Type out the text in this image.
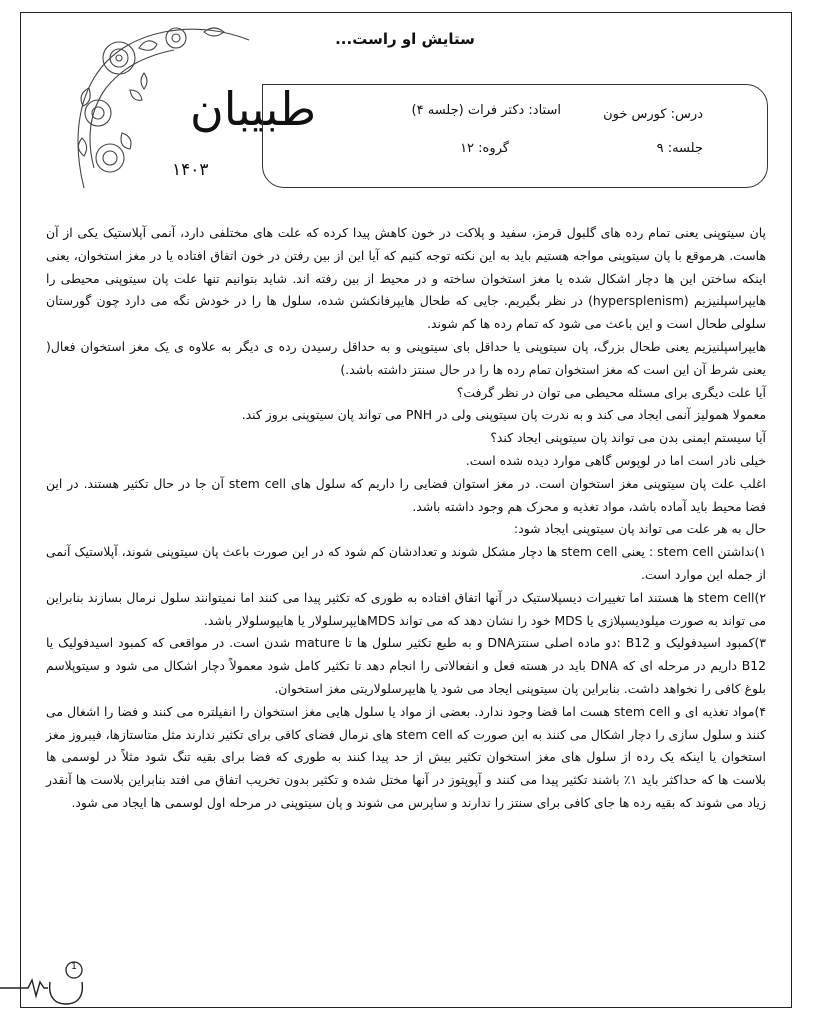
طبیبان
۱۴۰۳
ستایش او راست...
درس: کورس خون
استاد: دکتر فرات (جلسه ۴)
جلسه: ۹
گروه: ۱۲

پان سیتوپنی یعنی تمام رده های گلبول قرمز، سفید و پلاکت در خون کاهش پیدا کرده که علت های مختلفی دارد، آنمی آپلاستیک یکی از آن هاست. هرموقع با پان سیتوپنی مواجه هستیم باید به این نکته توجه کنیم که آیا این از بین رفتن در خون اتفاق افتاده یا در مغز استخوان، یعنی اینکه ساختن این ها دچار اشکال شده یا مغز استخوان ساخته و در محیط از بین رفته اند. شاید بتوانیم تنها علت پان سیتوپنی محیطی را هایپراسپلنیزیم (hypersplenism) در نظر بگیریم. جایی که طحال هایپرفانکشن شده، سلول ها را در خودش نگه می دارد چون گورستان سلولی طحال است و این باعث می شود که تمام رده ها کم شوند.

هایپراسپلنیزیم یعنی طحال بزرگ، پان سیتوپنی یا حداقل بای سیتوپنی و به حداقل رسیدن رده ی دیگر به علاوه ی یک مغز استخوان فعال( یعنی شرط آن این است که مغز استخوان تمام رده ها را در حال سنتز داشته باشد.)

آیا علت دیگری برای مسئله محیطی می توان در نظر گرفت؟

معمولا همولیز آنمی ایجاد می کند و به ندرت پان سیتوپنی ولی در PNH می تواند پان سیتوپنی بروز کند.

آیا سیستم ایمنی بدن می تواند پان سیتوپنی ایجاد کند؟

خیلی نادر است اما در لوپوس گاهی موارد دیده شده است.

اغلب علت پان سیتوپنی مغز استخوان است. در مغز استوان فضایی را داریم که سلول های stem cell آن جا در حال تکثیر هستند. در این فضا محیط باید آماده باشد، مواد تغذیه و محرک هم وجود داشته باشد.

حال به هر علت می تواند پان سیتوپنی ایجاد شود:

۱)نداشتن stem cell : یعنی stem cell ها دچار مشکل شوند و تعدادشان کم شود که در این صورت باعث پان سیتوپنی شوند، آپلاستیک آنمی از جمله این موارد است.

۲)stem cell ها هستند اما تغییرات دیسپلاستیک در آنها اتفاق افتاده به طوری که تکثیر پیدا می کنند اما نمیتوانند سلول نرمال بسازند بنابراین می تواند به صورت میلودیسپلازی یا MDS خود را نشان دهد که می تواند MDSهایپرسلولار یا هایپوسلولار باشد.

۳)کمبود اسیدفولیک و B12 :دو ماده اصلی سنتزDNA و به طبع تکثیر سلول ها تا mature شدن است. در مواقعی که کمبود اسیدفولیک یا B12 داریم در مرحله ای که DNA باید در هسته فعل و انفعالاتی را انجام دهد تا تکثیر کامل شود معمولاً دچار اشکال می شود و سیتوپلاسم بلوغ کافی را نخواهد داشت. بنابراین پان سیتوپنی ایجاد می شود یا هایپرسلولاریتی مغز استخوان.

۴)مواد تغذیه ای و stem cell هست اما فضا وجود ندارد. بعضی از مواد یا سلول هایی مغز استخوان را انفیلتره می کنند و فضا را اشغال می کنند و سلول سازی را دچار اشکال می کنند به این صورت که stem cell های نرمال فضای کافی برای تکثیر ندارند مثل متاستازها، فیبروز مغز استخوان یا اینکه یک رده از سلول های مغز استخوان تکثیر بیش از حد پیدا کنند به طوری که فضا برای بقیه تنگ شود مثلاً در لوسمی ها بلاست ها که حداکثر باید ۱٪ باشند تکثیر پیدا می کنند و آپوپتوز در آنها مختل شده و تکثیر بدون تخریب اتفاق می افتد بنابراین بلاست ها آنقدر زیاد می شوند که بقیه رده ها جای کافی برای سنتز را ندارند و ساپرس می شوند و پان سیتوپنی در مرحله اول لوسمی ها ایجاد می شود.

1
